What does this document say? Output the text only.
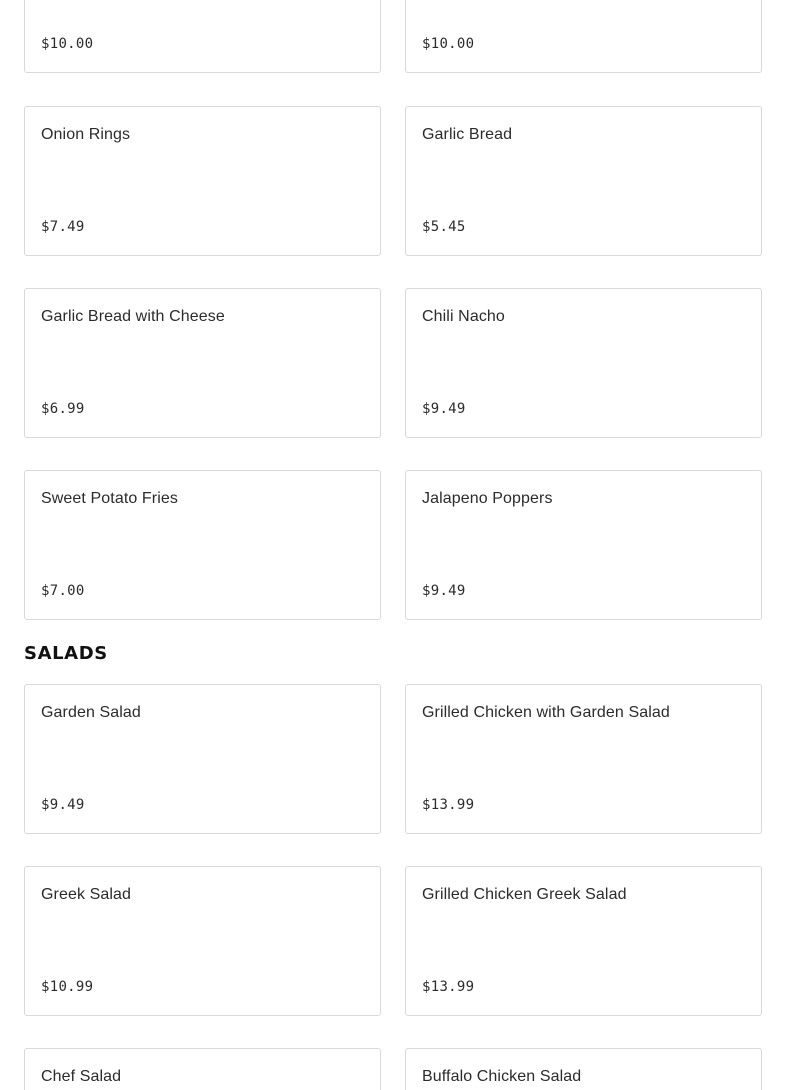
$10.00	$10.00
Onion Rings
$7.49
Garlic Bread
$5.45
Garlic Bread with Cheese
$6.99
Chili Nacho
$9.49
Sweet Potato Fries
$7.00
Jalapeno Poppers
$9.49
SALADS
Garden Salad
$9.49
Grilled Chicken with Garden Salad
$13.99
Greek Salad
$10.99
Grilled Chicken Greek Salad
$13.99
Chef Salad	Buffalo Chicken Salad
